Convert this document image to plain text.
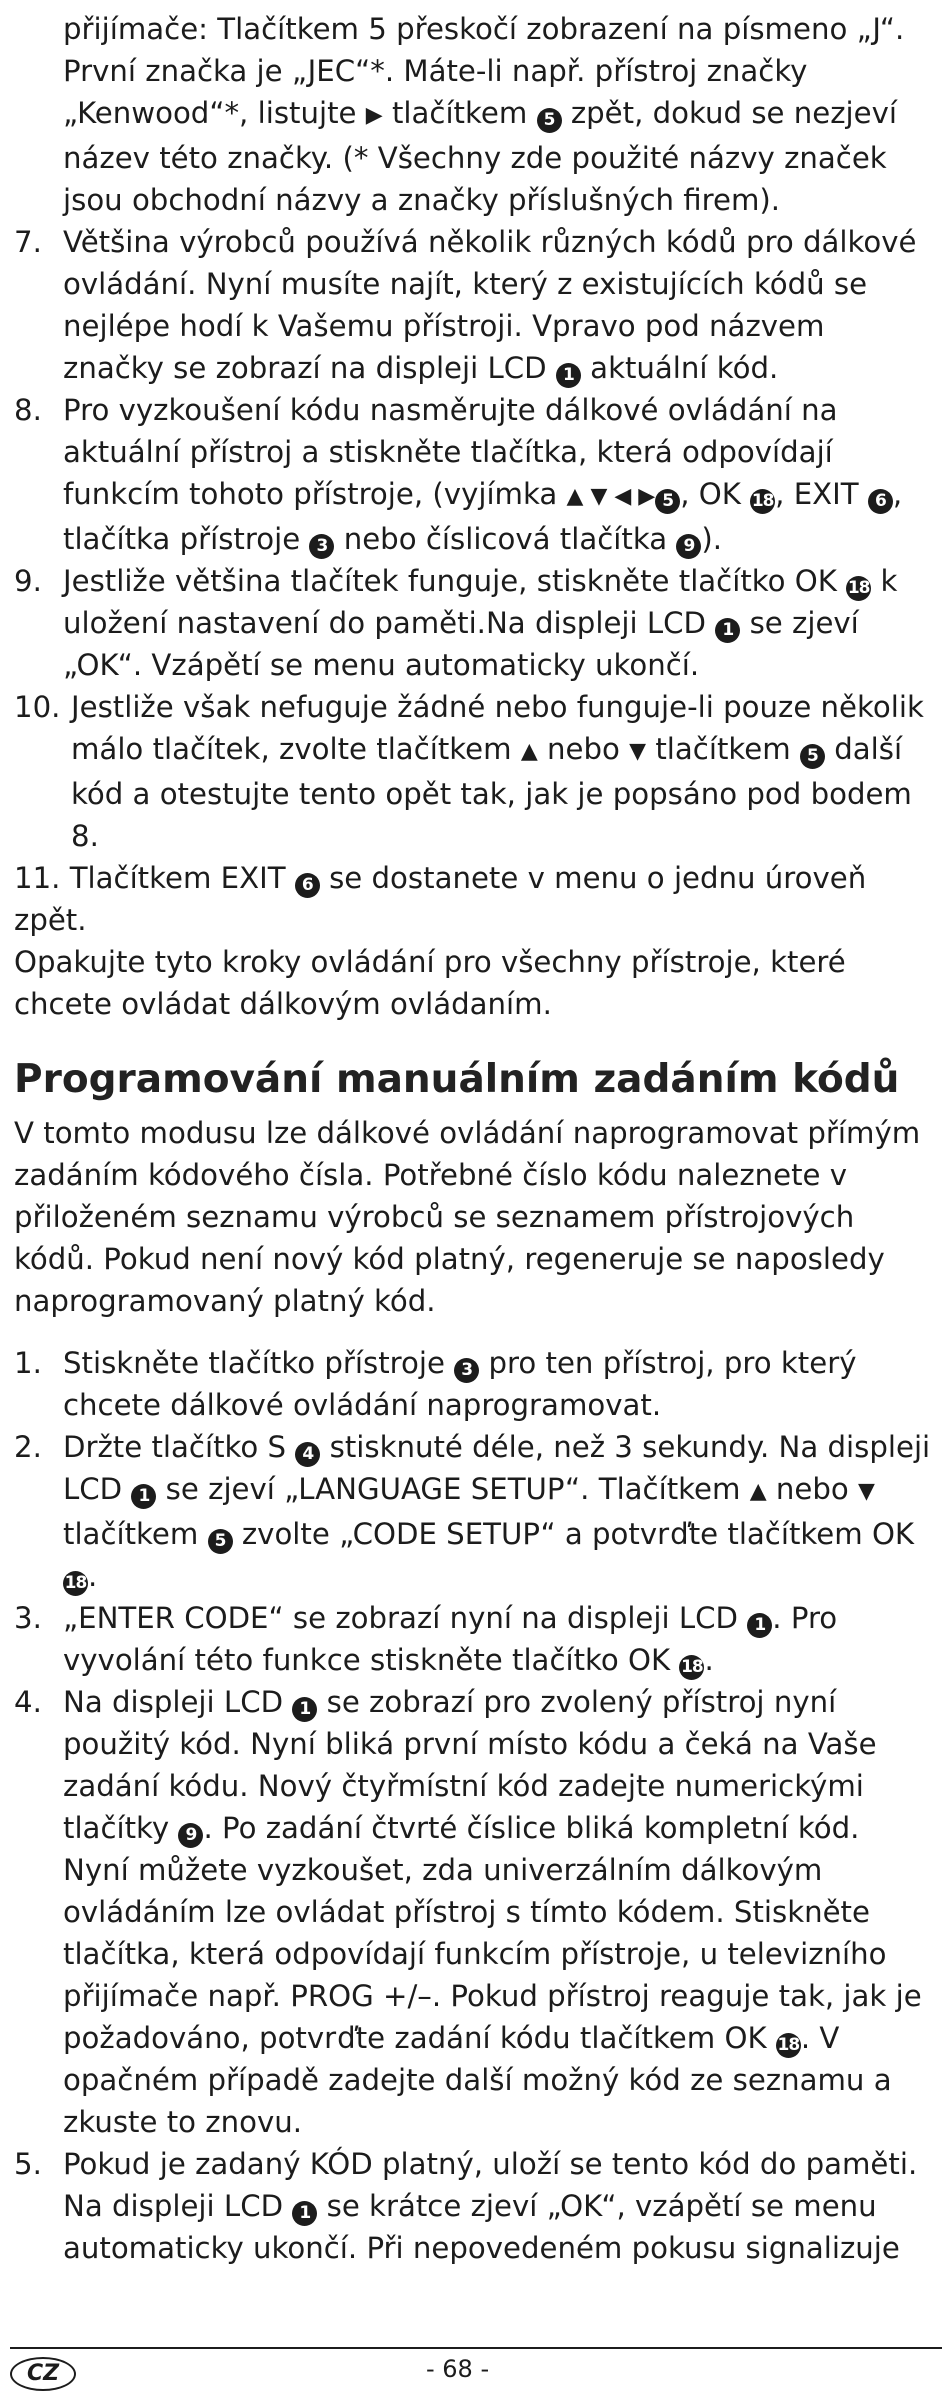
přijímače: Tlačítkem 5 přeskočí zobrazení na písmeno „J“. První značka je „JEC“*. Máte-li např. přístroj značky „Kenwood“*, listujte ▶ tlačítkem 5 zpět, dokud se nezjeví název této značky. (* Všechny zde použité názvy značek jsou obchodní názvy a značky příslušných firem).
7. Většina výrobců používá několik různých kódů pro dálkové ovládání. Nyní musíte najít, který z existujících kódů se nejlépe hodí k Vašemu přístroji. Vpravo pod názvem značky se zobrazí na displeji LCD 1 aktuální kód.
8. Pro vyzkoušení kódu nasměrujte dálkové ovládání na aktuální přístroj a stiskněte tlačítka, která odpovídají funkcím tohoto přístroje, (vyjímka ▲ ▼ ◀ ▶ 5 , OK 18, EXIT 6 , tlačítka přístroje 3 nebo číslicová tlačítka 9 ).
9. Jestliže většina tlačítek funguje, stiskněte tlačítko OK 18 k uložení nastavení do paměti.Na displeji LCD 1 se zjeví „OK“. Vzápětí se menu automaticky ukončí.
10. Jestliže však nefuguje žádné nebo funguje-li pouze několik málo tlačítek, zvolte tlačítkem ▲ nebo ▼ tlačítkem 5 další kód a otestujte tento opět tak, jak je popsáno pod bodem 8.

11. Tlačítkem EXIT 6 se dostanete v menu o jednu úroveň zpět.

Opakujte tyto kroky ovládání pro všechny přístroje, které chcete ovládat dálkovým ovládaním.

Programování manuálním zadáním kódů

V tomto modusu lze dálkové ovládání naprogramovat přímým zadáním kódového čísla. Potřebné číslo kódu naleznete v přiloženém seznamu výrobců se seznamem přístrojových kódů. Pokud není nový kód platný, regeneruje se naposledy naprogramovaný platný kód.

1. Stiskněte tlačítko přístroje 3 pro ten přístroj, pro který chcete dálkové ovládání naprogramovat.
2. Držte tlačítko S 4 stisknuté déle, než 3 sekundy. Na displeji LCD 1 se zjeví „LANGUAGE SETUP“. Tlačítkem ▲ nebo ▼ tlačítkem 5 zvolte „CODE SETUP“ a potvrďte tlačítkem OK 18.
3. „ENTER CODE“ se zobrazí nyní na displeji LCD 1 . Pro vyvolání této funkce stiskněte tlačítko OK 18.
4. Na displeji LCD 1 se zobrazí pro zvolený přístroj nyní použitý kód. Nyní bliká první místo kódu a čeká na Vaše zadání kódu. Nový čtyřmístní kód zadejte numerickými tlačítky 9 . Po zadání čtvrté číslice bliká kompletní kód. Nyní můžete vyzkoušet, zda univerzálním dálkovým ovládáním lze ovládat přístroj s tímto kódem. Stiskněte tlačítka, která odpovídají funkcím přístroje, u televizního přijímače např. PROG +/–. Pokud přístroj reaguje tak, jak je požadováno, potvrďte zadání kódu tlačítkem OK 18. V opačném případě zadejte další možný kód ze seznamu a zkuste to znovu.
5. Pokud je zadaný KÓD platný, uloží se tento kód do paměti. Na displeji LCD 1 se krátce zjeví „OK“, vzápětí se menu automaticky ukončí. Při nepovedeném pokusu signalizuje
CZ	- 68 -
